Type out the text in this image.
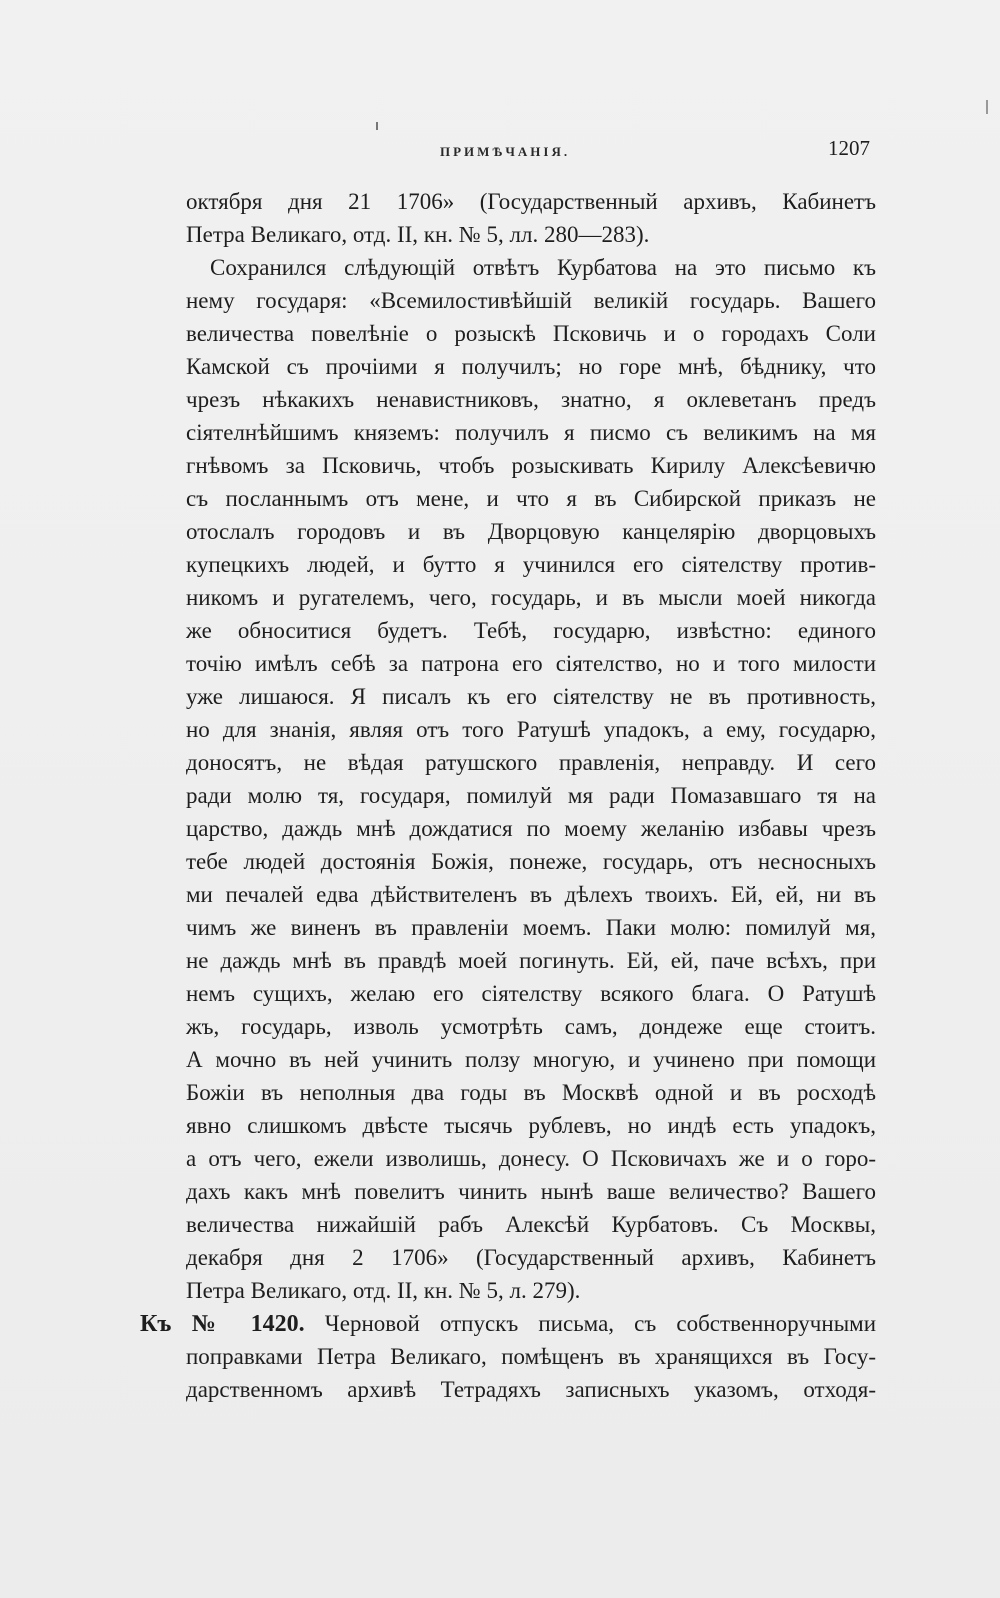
ПРИМѢЧАНІЯ.	1207
октября дня 21 1706» (Государственный архивъ, Кабинетъ
Петра Великаго, отд. II, кн. № 5, лл. 280—283).
Сохранился слѣдующій отвѣтъ Курбатова на это письмо къ
нему государя: «Всемилостивѣйшій великій государь. Вашего
величества повелѣніе о розыскѣ Псковичь и о городахъ Соли
Камской съ прочіими я получилъ; но горе мнѣ, бѣднику, что
чрезъ нѣкакихъ ненавистниковъ, знатно, я оклеветанъ предъ
сіятелнѣйшимъ княземъ: получилъ я писмо съ великимъ на мя
гнѣвомъ за Псковичь, чтобъ розыскивать Кирилу Алексѣевичю
съ посланнымъ отъ мене, и что я въ Сибирской приказъ не
отослалъ городовъ и въ Дворцовую канцелярію дворцовыхъ
купецкихъ людей, и бутто я учинился его сіятелству против-
никомъ и ругателемъ, чего, государь, и въ мысли моей никогда
же обноситися будетъ. Тебѣ, государю, извѣстно: единого
точію имѣлъ себѣ за патрона его сіятелство, но и того милости
уже лишаюся. Я писалъ къ его сіятелству не въ противность,
но для знанія, являя отъ того Ратушѣ упадокъ, а ему, государю,
доносятъ, не вѣдая ратушского правленія, неправду. И сего
ради молю тя, государя, помилуй мя ради Помазавшаго тя на
царство, даждь мнѣ дождатися по моему желанію избавы чрезъ
тебе людей достоянія Божія, понеже, государь, отъ несносныхъ
ми печалей едва дѣйствителенъ въ дѣлехъ твоихъ. Ей, ей, ни въ
чимъ же виненъ въ правленіи моемъ. Паки молю: помилуй мя,
не даждь мнѣ въ правдѣ моей погинуть. Ей, ей, паче всѣхъ, при
немъ сущихъ, желаю его сіятелству всякого блага. О Ратушѣ
жъ, государь, изволь усмотрѣть самъ, дондеже еще стоитъ.
А мочно въ ней учинить ползу многую, и учинено при помощи
Божіи въ неполныя два годы въ Москвѣ одной и въ росходѣ
явно слишкомъ двѣсте тысячь рублевъ, но индѣ есть упадокъ,
а отъ чего, ежели изволишь, донесу. О Псковичахъ же и о горо-
дахъ какъ мнѣ повелитъ чинить нынѣ ваше величество? Вашего
величества нижайшій рабъ Алексѣй Курбатовъ. Съ Москвы,
декабря дня 2 1706» (Государственный архивъ, Кабинетъ
Петра Великаго, отд. II, кн. № 5, л. 279).
Къ № 1420. Черновой отпускъ письма, съ собственноручными
поправками Петра Великаго, помѣщенъ въ хранящихся въ Госу-
дарственномъ архивѣ Тетрадяхъ записныхъ указомъ, отходя-
